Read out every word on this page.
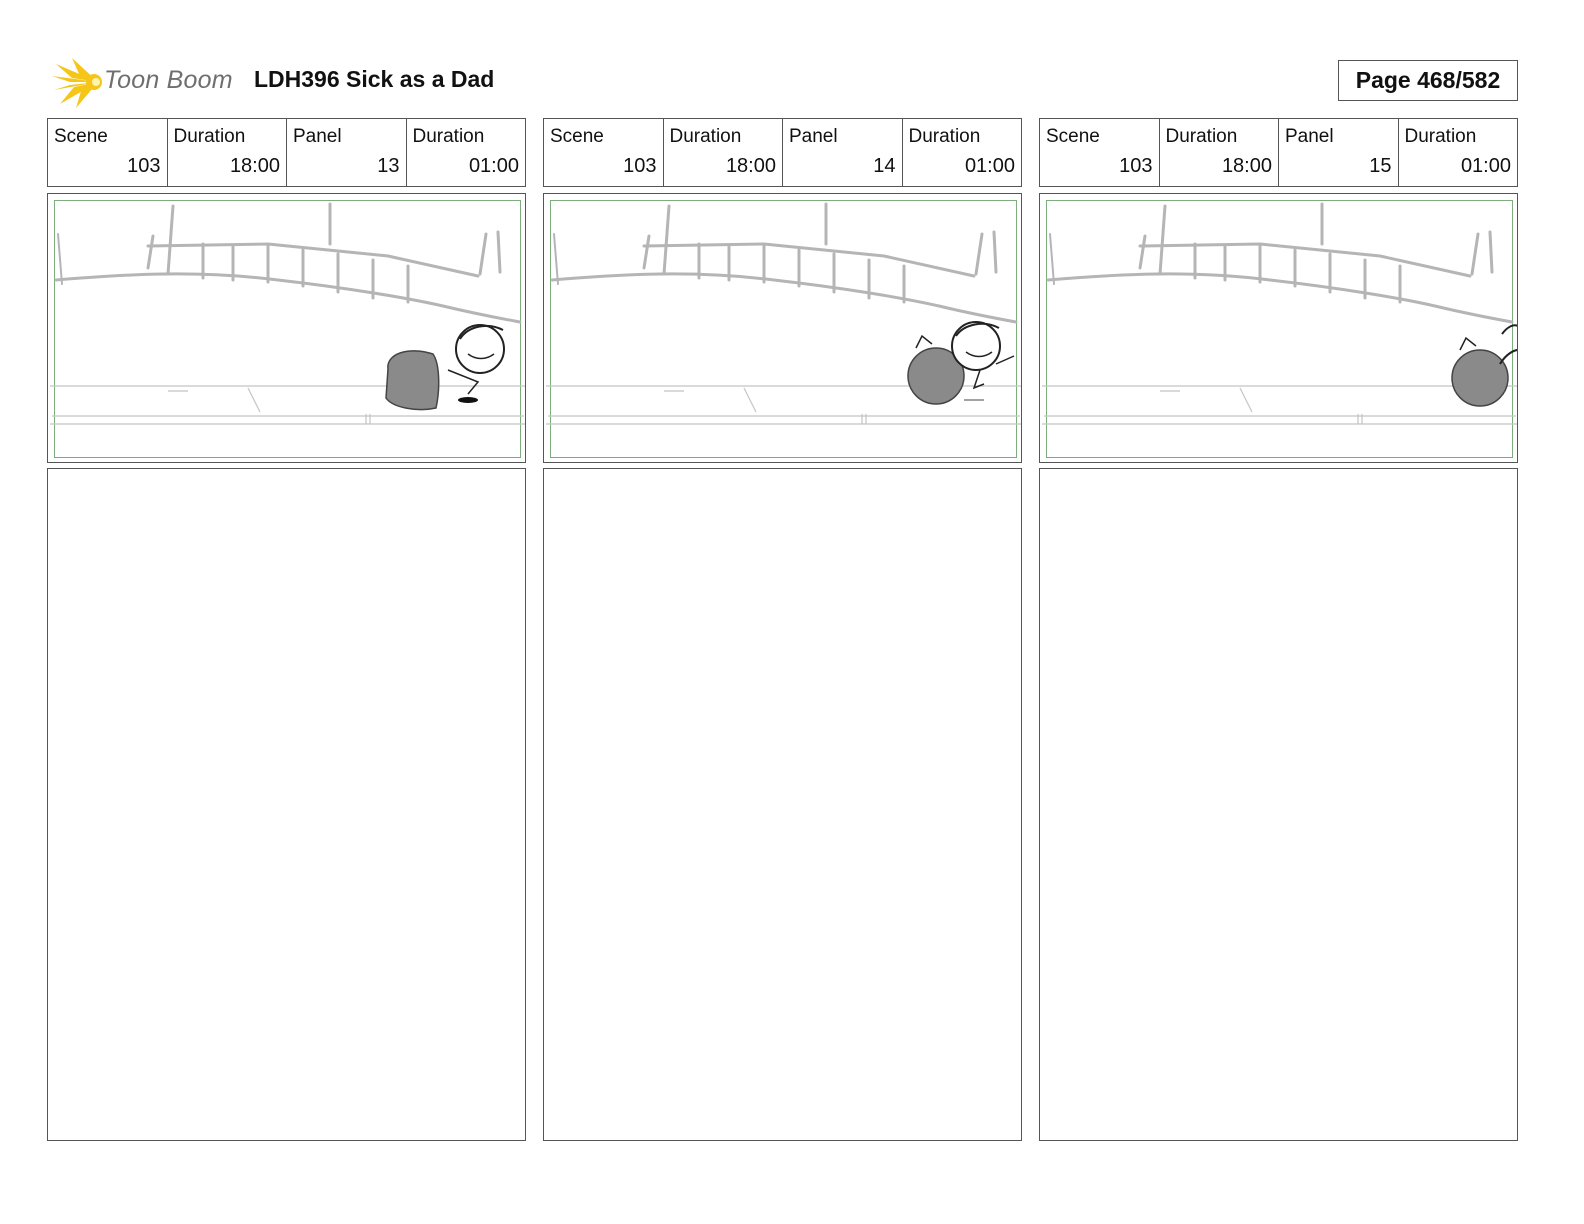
Toon Boom LDH396 Sick as a Dad	Page 468/582
Scene
103
Duration
18:00
Panel
13
Duration
01:00
Scene
103
Duration
18:00
Panel
14
Duration
01:00
Scene
103
Duration
18:00
Panel
15
Duration
01:00
